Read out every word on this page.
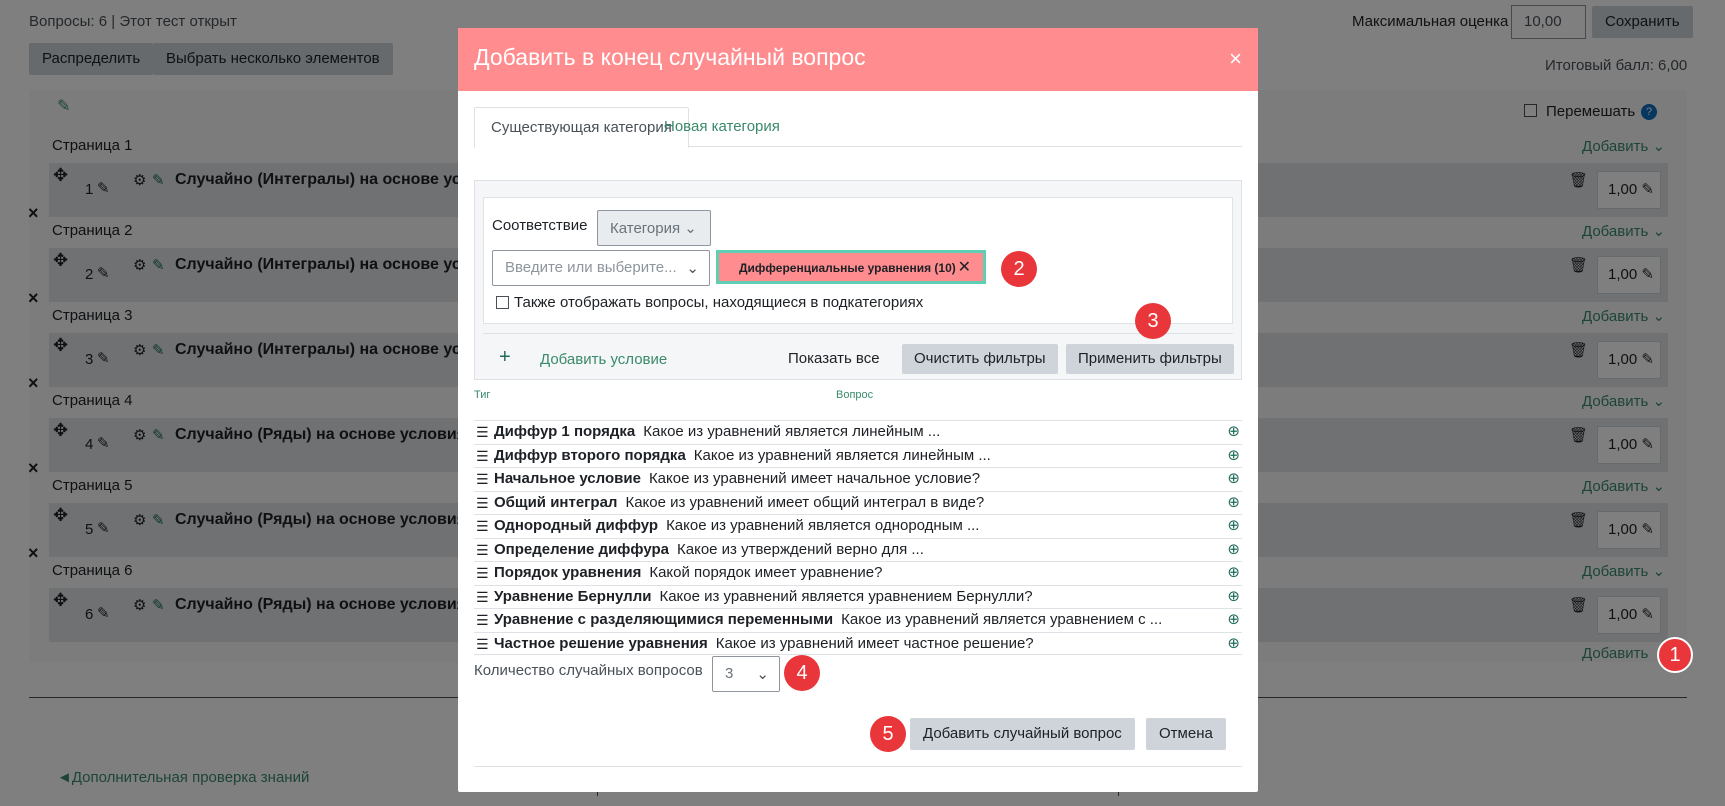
1
Добавить в конец случайный вопрос	×
Существующая категория
Новая категория
Соответствие	Категория ⌄
Введите или выберите... ⌄	Дифференциальные уравнения (10) ✕
Также отображать вопросы, находящиеся в подкатегориях
+ Добавить условие	Показать все	Очистить фильтры	Применить фильтры
Тиг	Вопрос
☰ Диффур 1 порядка Какое из уравнений является линейным ...	⊕
☰ Диффур второго порядка Какое из уравнений является линейным ...	⊕
☰ Начальное условие Какое из уравнений имеет начальное условие?	⊕
☰ Общий интеграл Какое из уравнений имеет общий интеграл в виде?	⊕
☰ Однородный диффур Какое из уравнений является однородным ...	⊕
☰ Определение диффура Какое из утверждений верно для ...	⊕
☰ Порядок уравнения Какой порядок имеет уравнение?	⊕
☰ Уравнение Бернулли Какое из уравнений является уравнением Бернулли?	⊕
☰ Уравнение с разделяющимися переменными Какое из уравнений является уравнением с ...	⊕
☰ Частное решение уравнения Какое из уравнений имеет частное решение?	⊕
Количество случайных вопросов	3 ⌄
Добавить случайный вопрос	Отмена
2
3
4
5
